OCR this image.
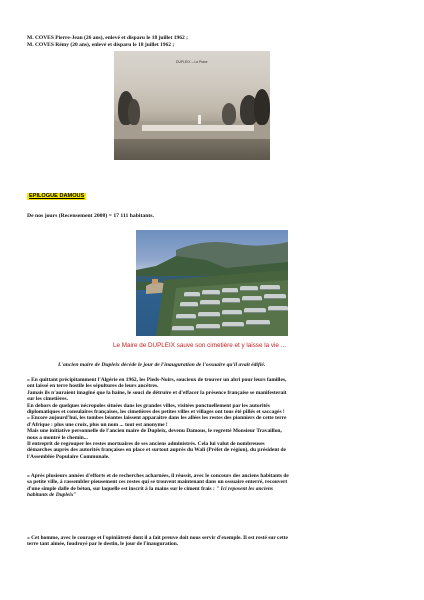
M. COVES Pierre-Jean (26 ans), enlevé et disparu le 18 juillet 1962 ;
M. COVES Rémy (20 ans), enlevé et disparu le 18 juillet 1962 ;
DUPLEIX – La Place
EPILOGUE DAMOUS
De nos jours (Recensement 2008) = 17 111 habitants.
Le Maire de DUPLEIX sauve son cimetière et y laisse la vie ...
L'ancien maire de Dupleix décède le jour de l'inauguration de l'ossuaire qu'il avait édifié.
« En quittant précipitamment l'Algérie en 1962, les Pieds-Noirs, soucieux de trouver un abri pour leurs familles,
ont laissé en terre hostile les sépultures de leurs ancêtres.
Jamais ils n'auraient imaginé que la haine, le souci de détruire et d'effacer la présence française se manifesterait
sur les cimetières.
En dehors de quelques nécropoles situées dans les grandes villes, visitées ponctuellement par les autorités
diplomatiques et consulaires françaises, les cimetières des petites villes et villages ont tous été pillés et saccagés !
« Encore aujourd'hui, les tombes béantes laissent apparaître dans les allées les restes des pionniers de cette terre
d'Afrique : plus une croix, plus un nom ... tout est anonyme !
Mais une initiative personnelle de l'ancien maire de Dupleix, devenu Damous, le regretté Monsieur Travaillon,
nous a montré le chemin...
Il entreprit de regrouper les restes mortuaires de ses anciens administrés. Cela lui valut de nombreuses
démarches auprès des autorités françaises en place et surtout auprès du Wali (Préfet de région), du président de
l'Assemblée Populaire Communale.
« Après plusieurs années d'efforts et de recherches acharnées, il réussit, avec le concours des anciens habitants de
sa petite ville, à rassembler pieusement ces restes qui se trouvent maintenant dans un ossuaire enterré, recouvert
d'une simple dalle de béton, sur laquelle est inscrit à la mains sur le ciment frais : " Ici reposent les anciens
habitants de Dupleix"
« Cet homme, avec le courage et l'opiniâtreté dont il a fait preuve doit nous servir d'exemple. Il est resté sur cette
terre tant aimée, foudroyé par le destin, le jour de l'inauguration.
